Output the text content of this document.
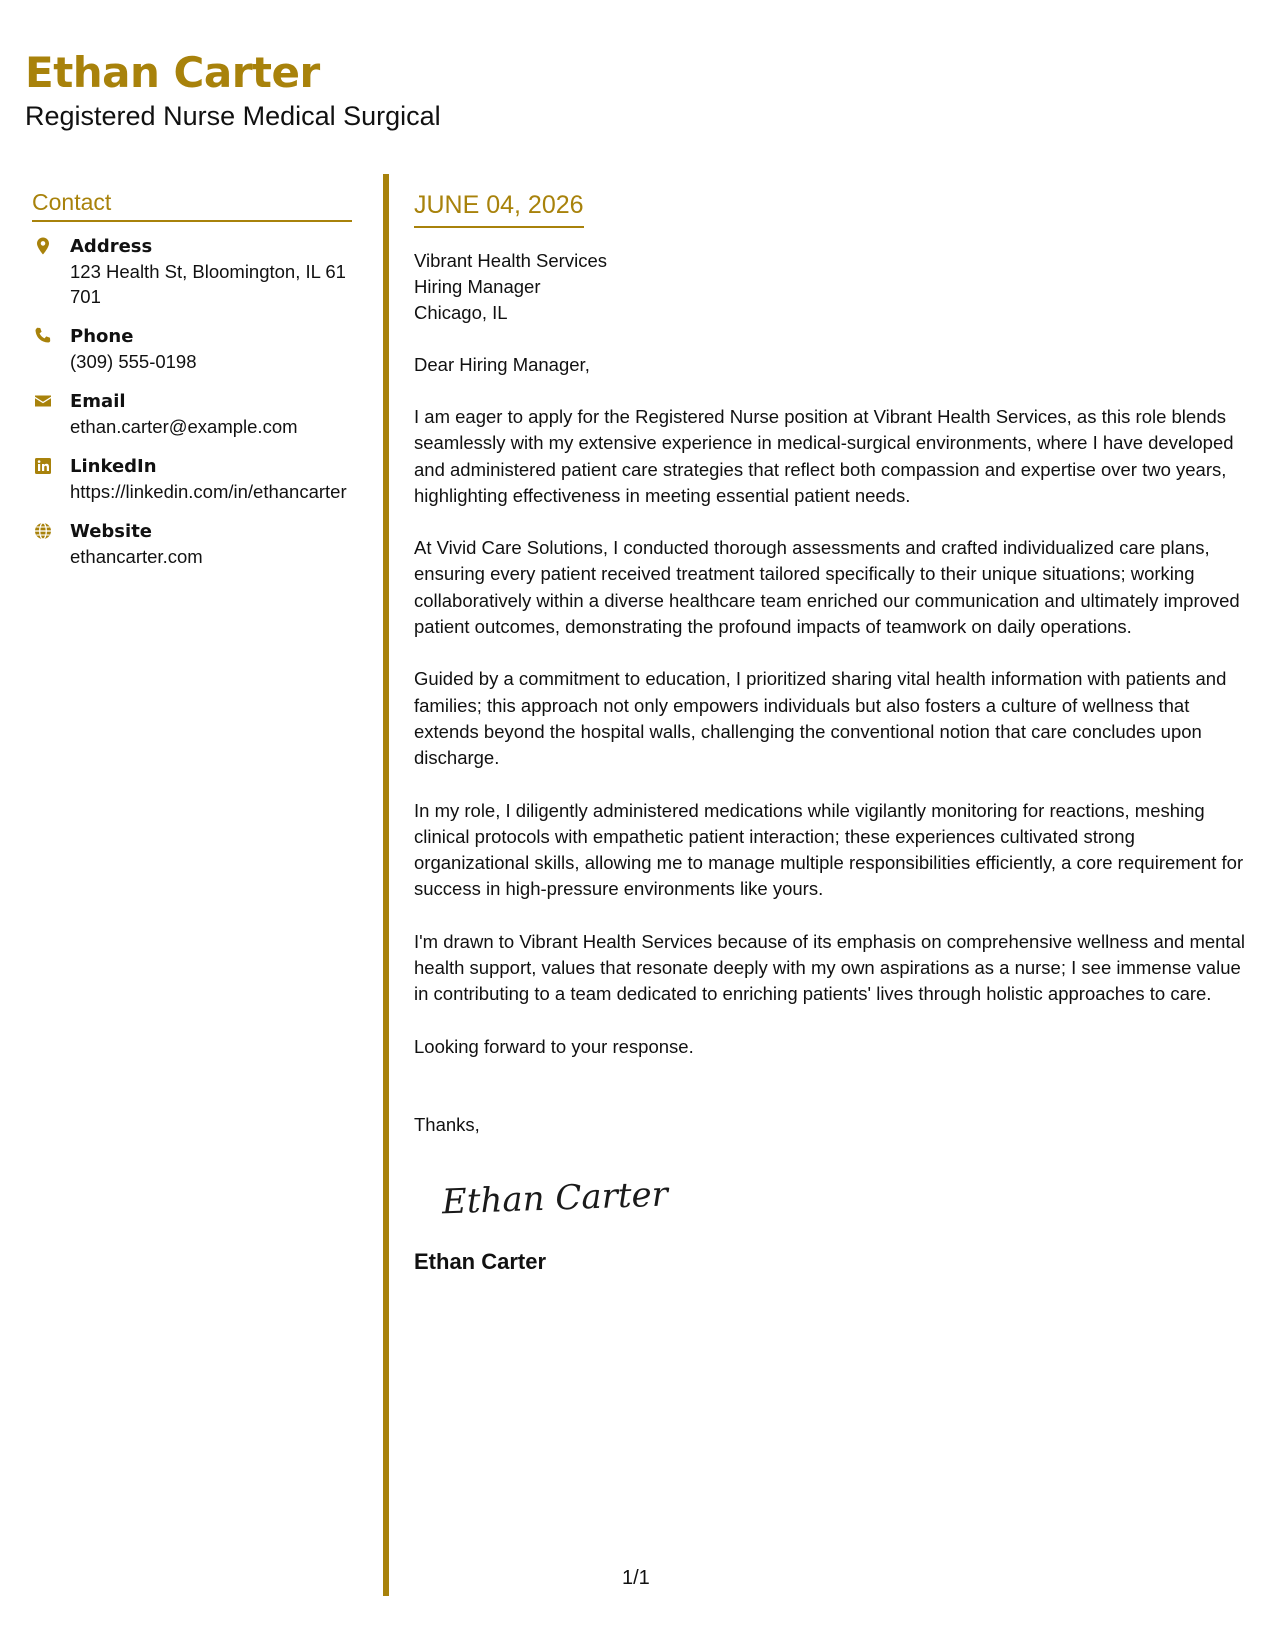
Ethan Carter
Registered Nurse Medical Surgical
Contact
Address
123 Health St, Bloomington, IL 61701
Phone
(309) 555-0198
Email
ethan.carter@example.com
LinkedIn
https://linkedin.com/in/ethancarter
Website
ethancarter.com
JUNE 04, 2026
Vibrant Health Services
Hiring Manager
Chicago, IL
Dear Hiring Manager,

I am eager to apply for the Registered Nurse position at Vibrant Health Services, as this role blends seamlessly with my extensive experience in medical-surgical environments, where I have developed and administered patient care strategies that reflect both compassion and expertise over two years, highlighting effectiveness in meeting essential patient needs.

At Vivid Care Solutions, I conducted thorough assessments and crafted individualized care plans, ensuring every patient received treatment tailored specifically to their unique situations; working collaboratively within a diverse healthcare team enriched our communication and ultimately improved patient outcomes, demonstrating the profound impacts of teamwork on daily operations.

Guided by a commitment to education, I prioritized sharing vital health information with patients and families; this approach not only empowers individuals but also fosters a culture of wellness that extends beyond the hospital walls, challenging the conventional notion that care concludes upon discharge.

In my role, I diligently administered medications while vigilantly monitoring for reactions, meshing clinical protocols with empathetic patient interaction; these experiences cultivated strong organizational skills, allowing me to manage multiple responsibilities efficiently, a core requirement for success in high-pressure environments like yours.

I'm drawn to Vibrant Health Services because of its emphasis on comprehensive wellness and mental health support, values that resonate deeply with my own aspirations as a nurse; I see immense value in contributing to a team dedicated to enriching patients' lives through holistic approaches to care.

Looking forward to your response.

Thanks,
Ethan Carter
Ethan Carter
1/1
